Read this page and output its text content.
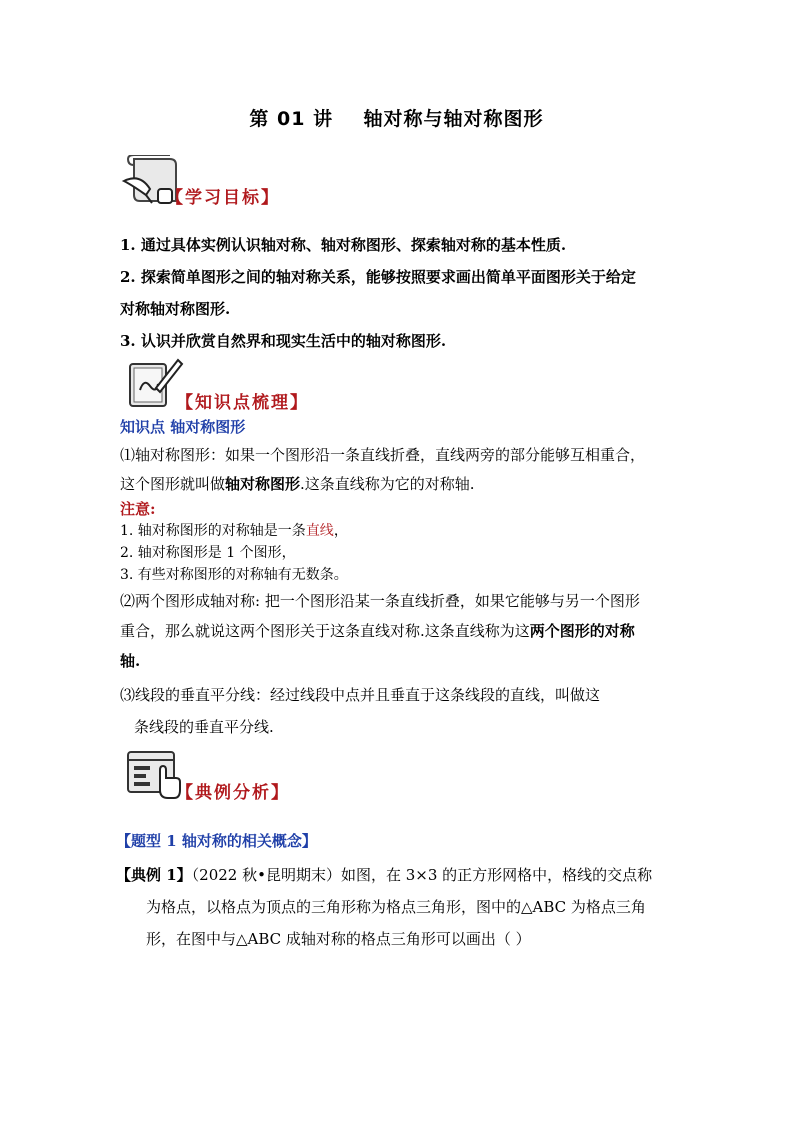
第 01 讲    轴对称与轴对称图形
【学习目标】
1. 通过具体实例认识轴对称、轴对称图形、探索轴对称的基本性质.
2. 探索简单图形之间的轴对称关系，能够按照要求画出简单平面图形关于给定
对称轴对称图形.
3. 认识并欣赏自然界和现实生活中的轴对称图形.
【知识点梳理】
知识点 轴对称图形
⑴轴对称图形：如果一个图形沿一条直线折叠，直线两旁的部分能够互相重合，
这个图形就叫做轴对称图形.这条直线称为它的对称轴.
注意:
1. 轴对称图形的对称轴是一条直线，
2. 轴对称图形是 1 个图形，
3. 有些对称图形的对称轴有无数条。
⑵两个图形成轴对称: 把一个图形沿某一条直线折叠，如果它能够与另一个图形
重合，那么就说这两个图形关于这条直线对称.这条直线称为这两个图形的对称
轴.
⑶线段的垂直平分线：经过线段中点并且垂直于这条线段的直线，叫做这
条线段的垂直平分线.
【典例分析】
【题型 1 轴对称的相关概念】
【典例 1】（2022 秋•昆明期末）如图，在 3×3 的正方形网格中，格线的交点称
为格点，以格点为顶点的三角形称为格点三角形，图中的△ABC 为格点三角
形，在图中与△ABC 成轴对称的格点三角形可以画出（ ）
